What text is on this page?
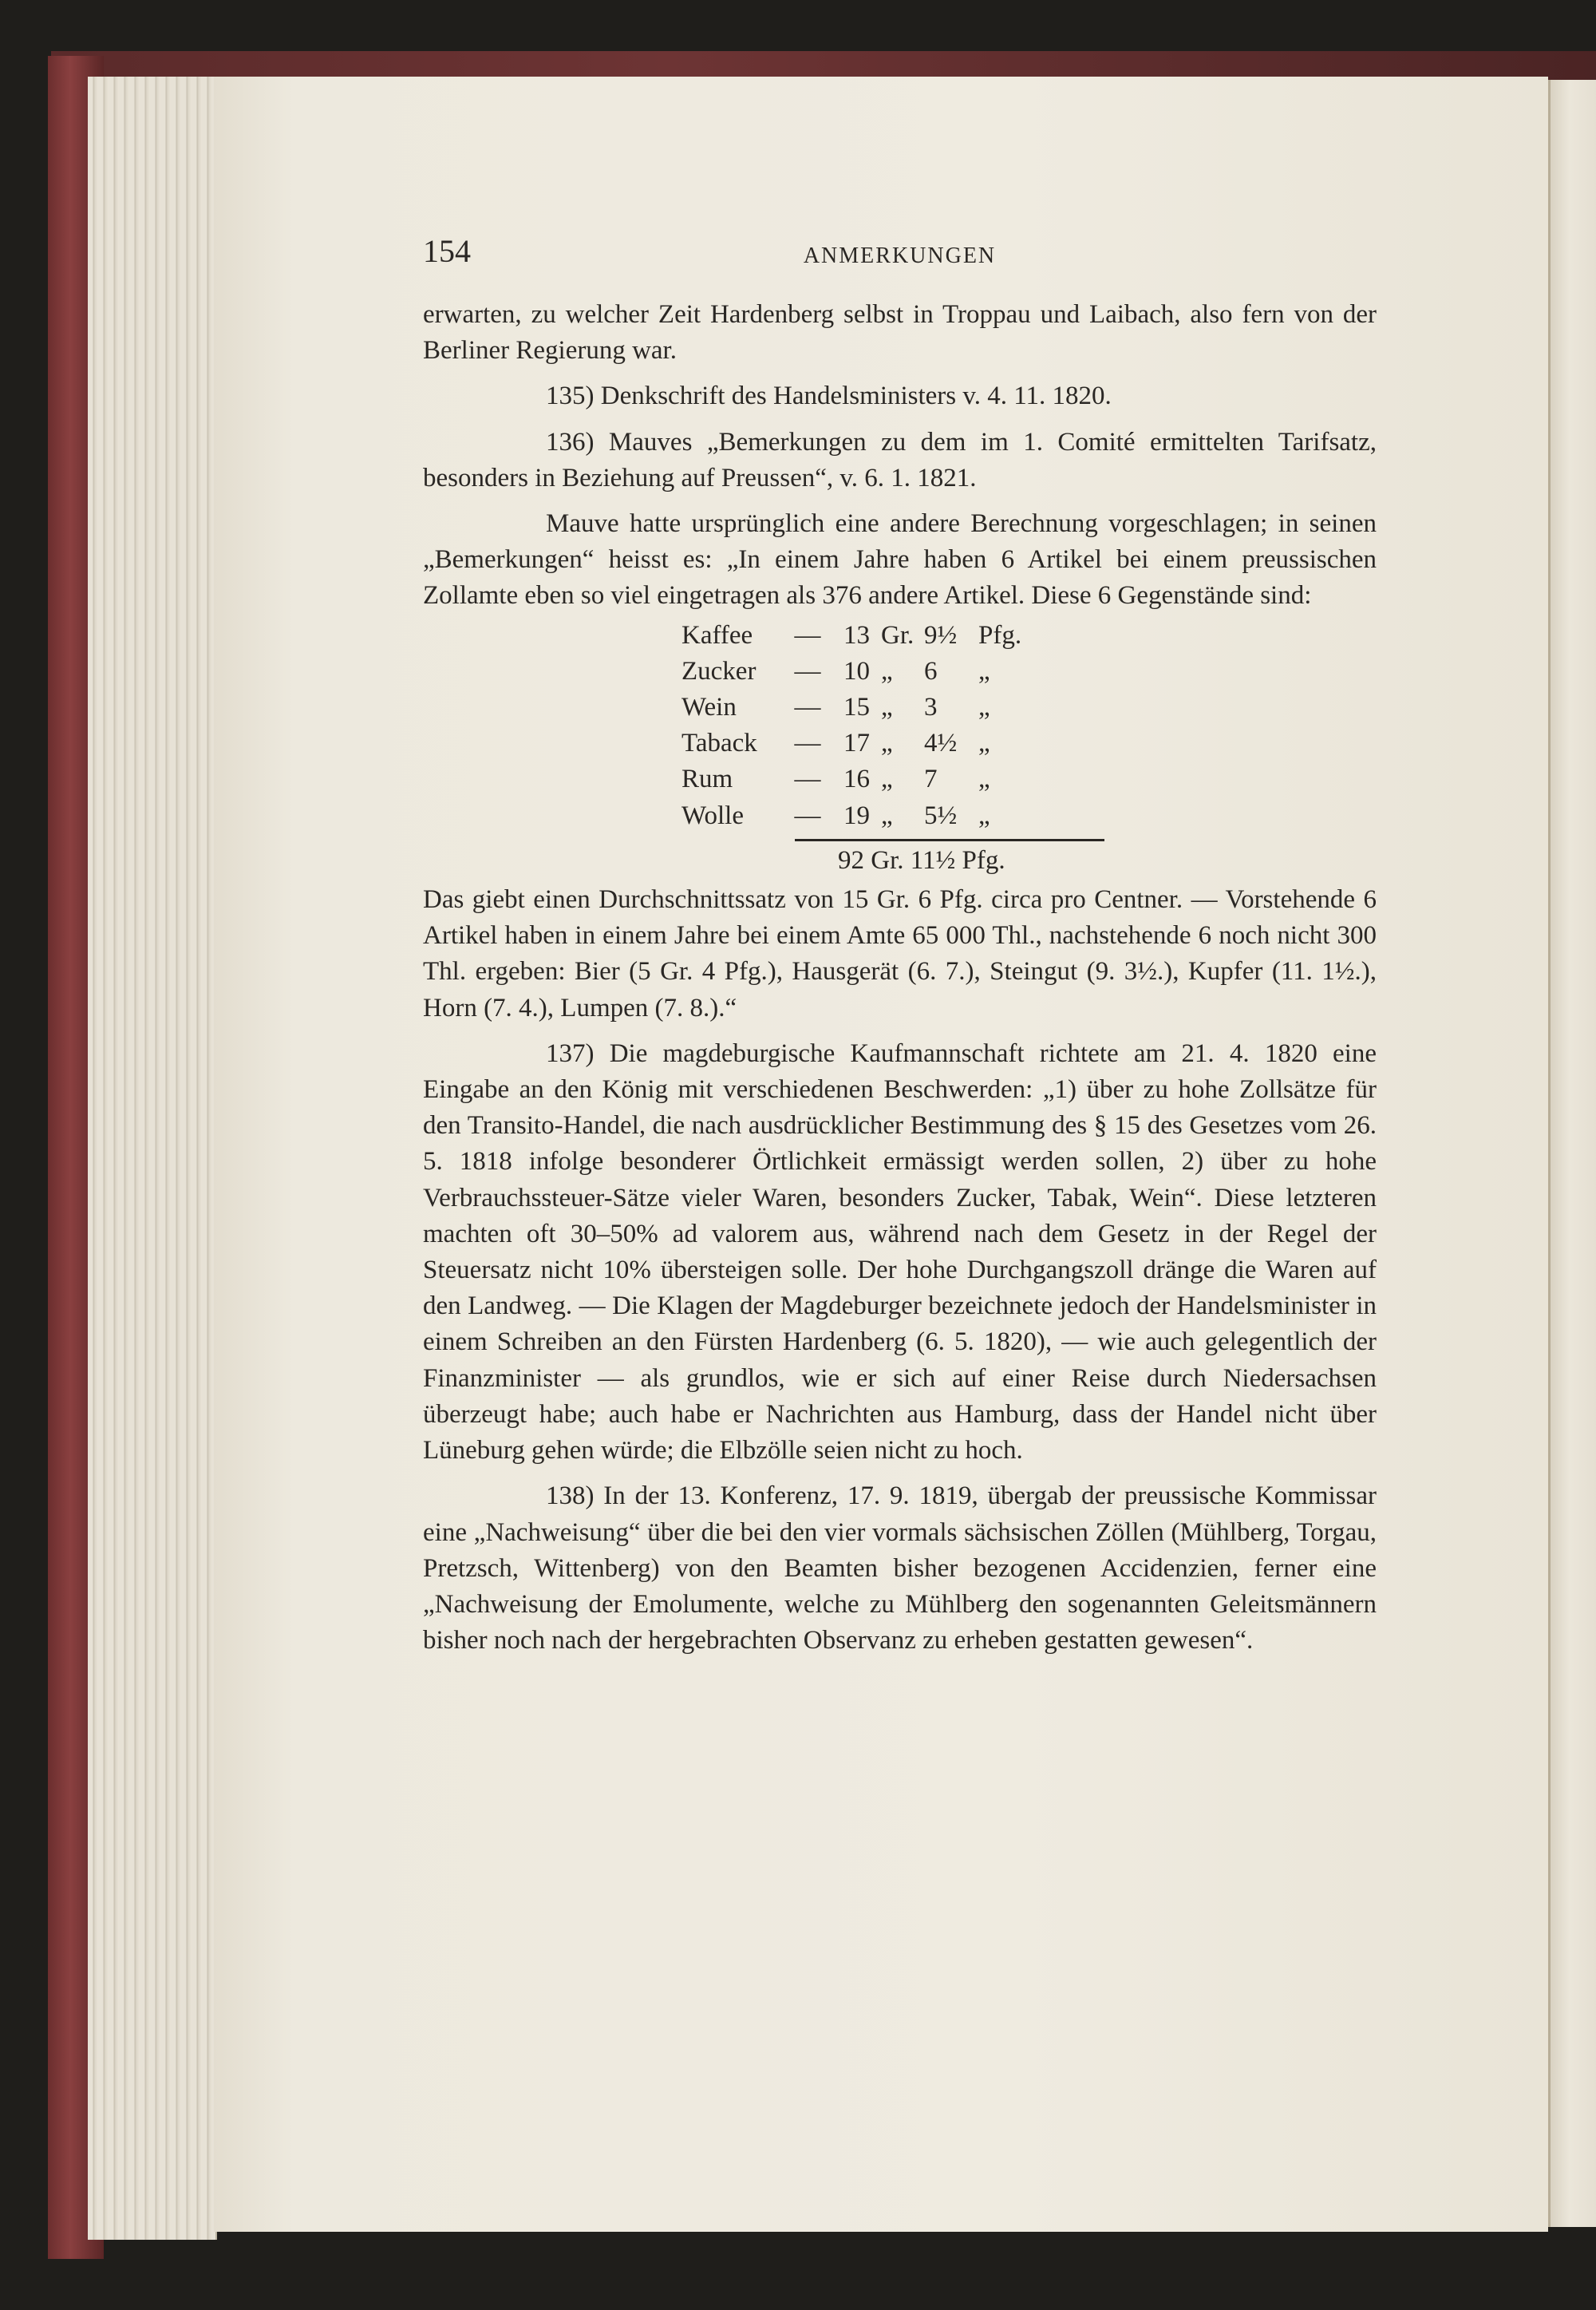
154	ANMERKUNGEN

erwarten, zu welcher Zeit Hardenberg selbst in Troppau und Laibach, also fern von der Berliner Regierung war.

135) Denkschrift des Handelsministers v. 4. 11. 1820.

136) Mauves „Bemerkungen zu dem im 1. Comité ermittelten Tarifsatz, besonders in Beziehung auf Preussen“, v. 6. 1. 1821.

Mauve hatte ursprünglich eine andere Berechnung vorgeschlagen; in seinen „Bemerkungen“ heisst es: „In einem Jahre haben 6 Artikel bei einem preussischen Zollamte eben so viel eingetragen als 376 andere Artikel. Diese 6 Gegenstände sind:

Kaffee	—	13	Gr.	9½	Pfg.
Zucker	—	10	„	6	„
Wein	—	15	„	3	„
Taback	—	17	„	4½	„
Rum	—	16	„	7	„
Wolle	—	19	„	5½	„
92 Gr. 11½ Pfg.

Das giebt einen Durchschnittssatz von 15 Gr. 6 Pfg. circa pro Centner. — Vorstehende 6 Artikel haben in einem Jahre bei einem Amte 65 000 Thl., nachstehende 6 noch nicht 300 Thl. ergeben: Bier (5 Gr. 4 Pfg.), Hausgerät (6. 7.), Steingut (9. 3½.), Kupfer (11. 1½.), Horn (7. 4.), Lumpen (7. 8.).“

137) Die magdeburgische Kaufmannschaft richtete am 21. 4. 1820 eine Eingabe an den König mit verschiedenen Beschwerden: „1) über zu hohe Zollsätze für den Transito-Handel, die nach ausdrücklicher Bestimmung des § 15 des Gesetzes vom 26. 5. 1818 infolge besonderer Örtlichkeit ermässigt werden sollen, 2) über zu hohe Verbrauchssteuer-Sätze vieler Waren, besonders Zucker, Tabak, Wein“. Diese letzteren machten oft 30–50% ad valorem aus, während nach dem Gesetz in der Regel der Steuersatz nicht 10% übersteigen solle. Der hohe Durchgangszoll dränge die Waren auf den Landweg. — Die Klagen der Magdeburger bezeichnete jedoch der Handelsminister in einem Schreiben an den Fürsten Hardenberg (6. 5. 1820), — wie auch gelegentlich der Finanzminister — als grundlos, wie er sich auf einer Reise durch Niedersachsen überzeugt habe; auch habe er Nachrichten aus Hamburg, dass der Handel nicht über Lüneburg gehen würde; die Elbzölle seien nicht zu hoch.

138) In der 13. Konferenz, 17. 9. 1819, übergab der preussische Kommissar eine „Nachweisung“ über die bei den vier vormals sächsischen Zöllen (Mühlberg, Torgau, Pretzsch, Wittenberg) von den Beamten bisher bezogenen Accidenzien, ferner eine „Nachweisung der Emolumente, welche zu Mühlberg den sogenannten Geleitsmännern bisher noch nach der hergebrachten Observanz zu erheben gestatten gewesen“.
